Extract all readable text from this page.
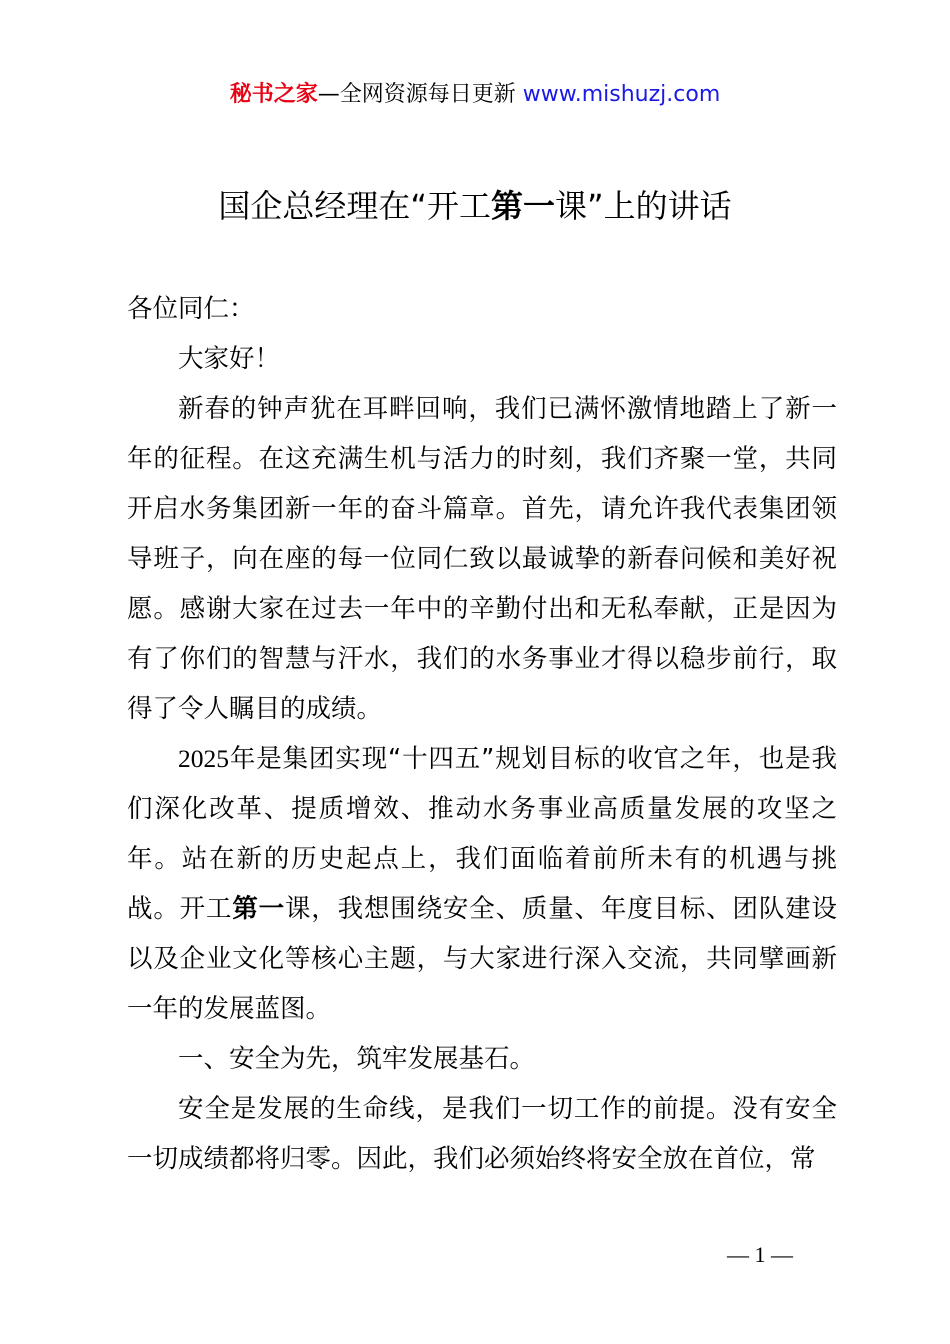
秘书之家—全网资源每日更新 www.mishuzj.com
国企总经理在“开工第一课”上的讲话

各位同仁：

大家好！

新春的钟声犹在耳畔回响，我们已满怀激情地踏上了新一年的征程。在这充满生机与活力的时刻，我们齐聚一堂，共同开启水务集团新一年的奋斗篇章。首先，请允许我代表集团领导班子，向在座的每一位同仁致以最诚挚的新春问候和美好祝愿。感谢大家在过去一年中的辛勤付出和无私奉献，正是因为有了你们的智慧与汗水，我们的水务事业才得以稳步前行，取得了令人瞩目的成绩。

2025年是集团实现“十四五”规划目标的收官之年，也是我们深化改革、提质增效、推动水务事业高质量发展的攻坚之年。站在新的历史起点上，我们面临着前所未有的机遇与挑战。开工第一课，我想围绕安全、质量、年度目标、团队建设以及企业文化等核心主题，与大家进行深入交流，共同擘画新一年的发展蓝图。

一、安全为先，筑牢发展基石。

安全是发展的生命线，是我们一切工作的前提。没有安全一切成绩都将归零。因此，我们必须始终将安全放在首位，常

— 1 —
